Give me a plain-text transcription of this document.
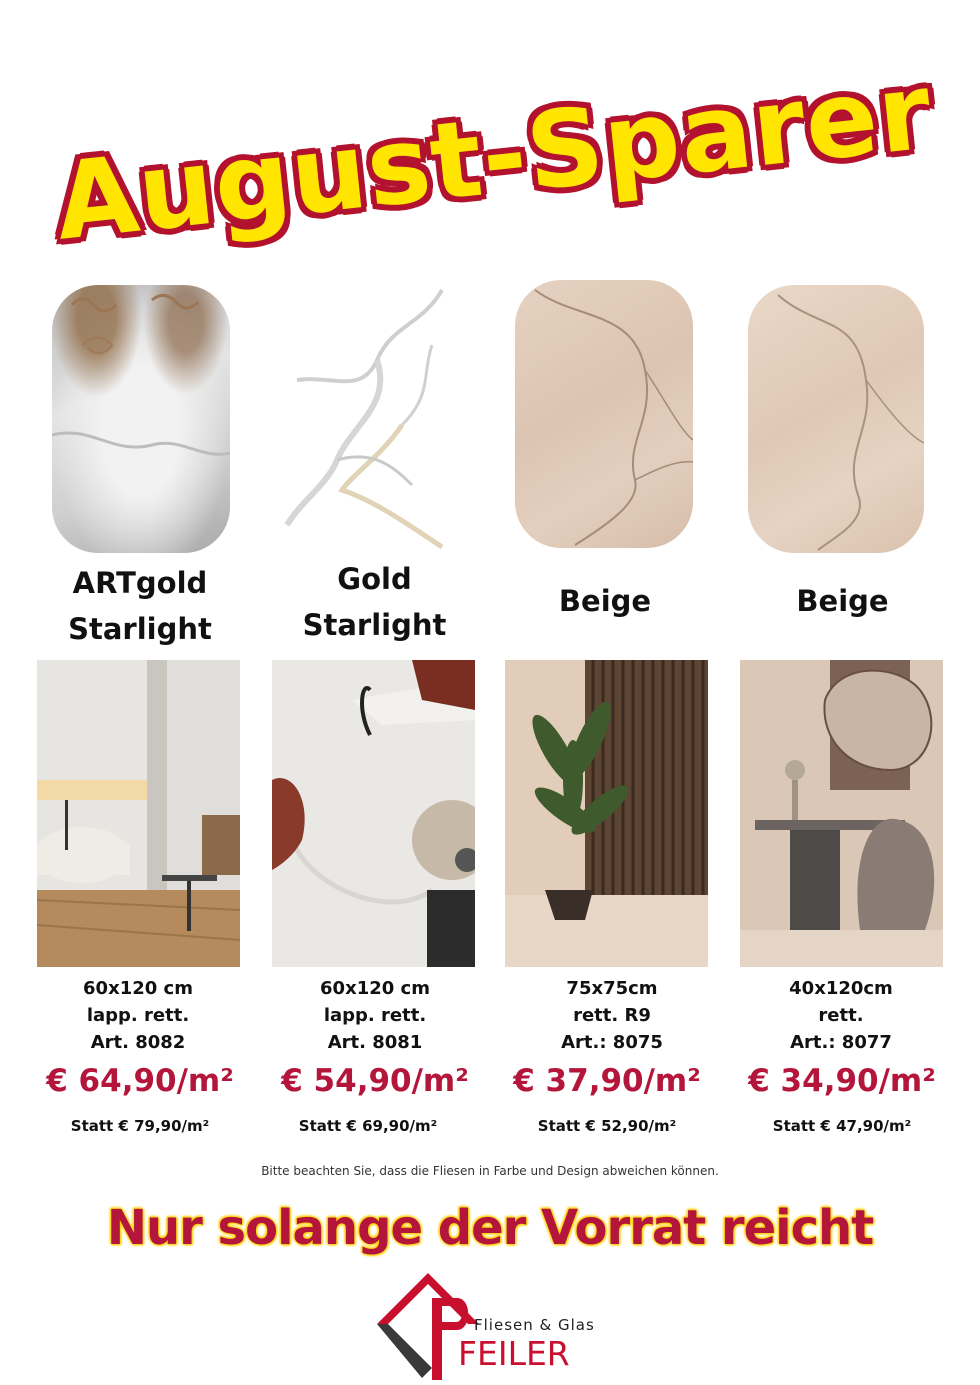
August-Sparer
ARTgold
Starlight
Gold
Starlight
Beige	Beige
60x120 cm
lapp. rett.
Art. 8082
60x120 cm
lapp. rett.
Art. 8081
75x75cm
rett. R9
Art.: 8075
40x120cm
rett.
Art.: 8077
€ 64,90/m²	€ 54,90/m²	€ 37,90/m²	€ 34,90/m²
Statt € 79,90/m²	Statt € 69,90/m²	Statt € 52,90/m²	Statt € 47,90/m²
Bitte beachten Sie, dass die Fliesen in Farbe und Design abweichen können.
Nur solange der Vorrat reicht
Fliesen & Glas
FEILER
